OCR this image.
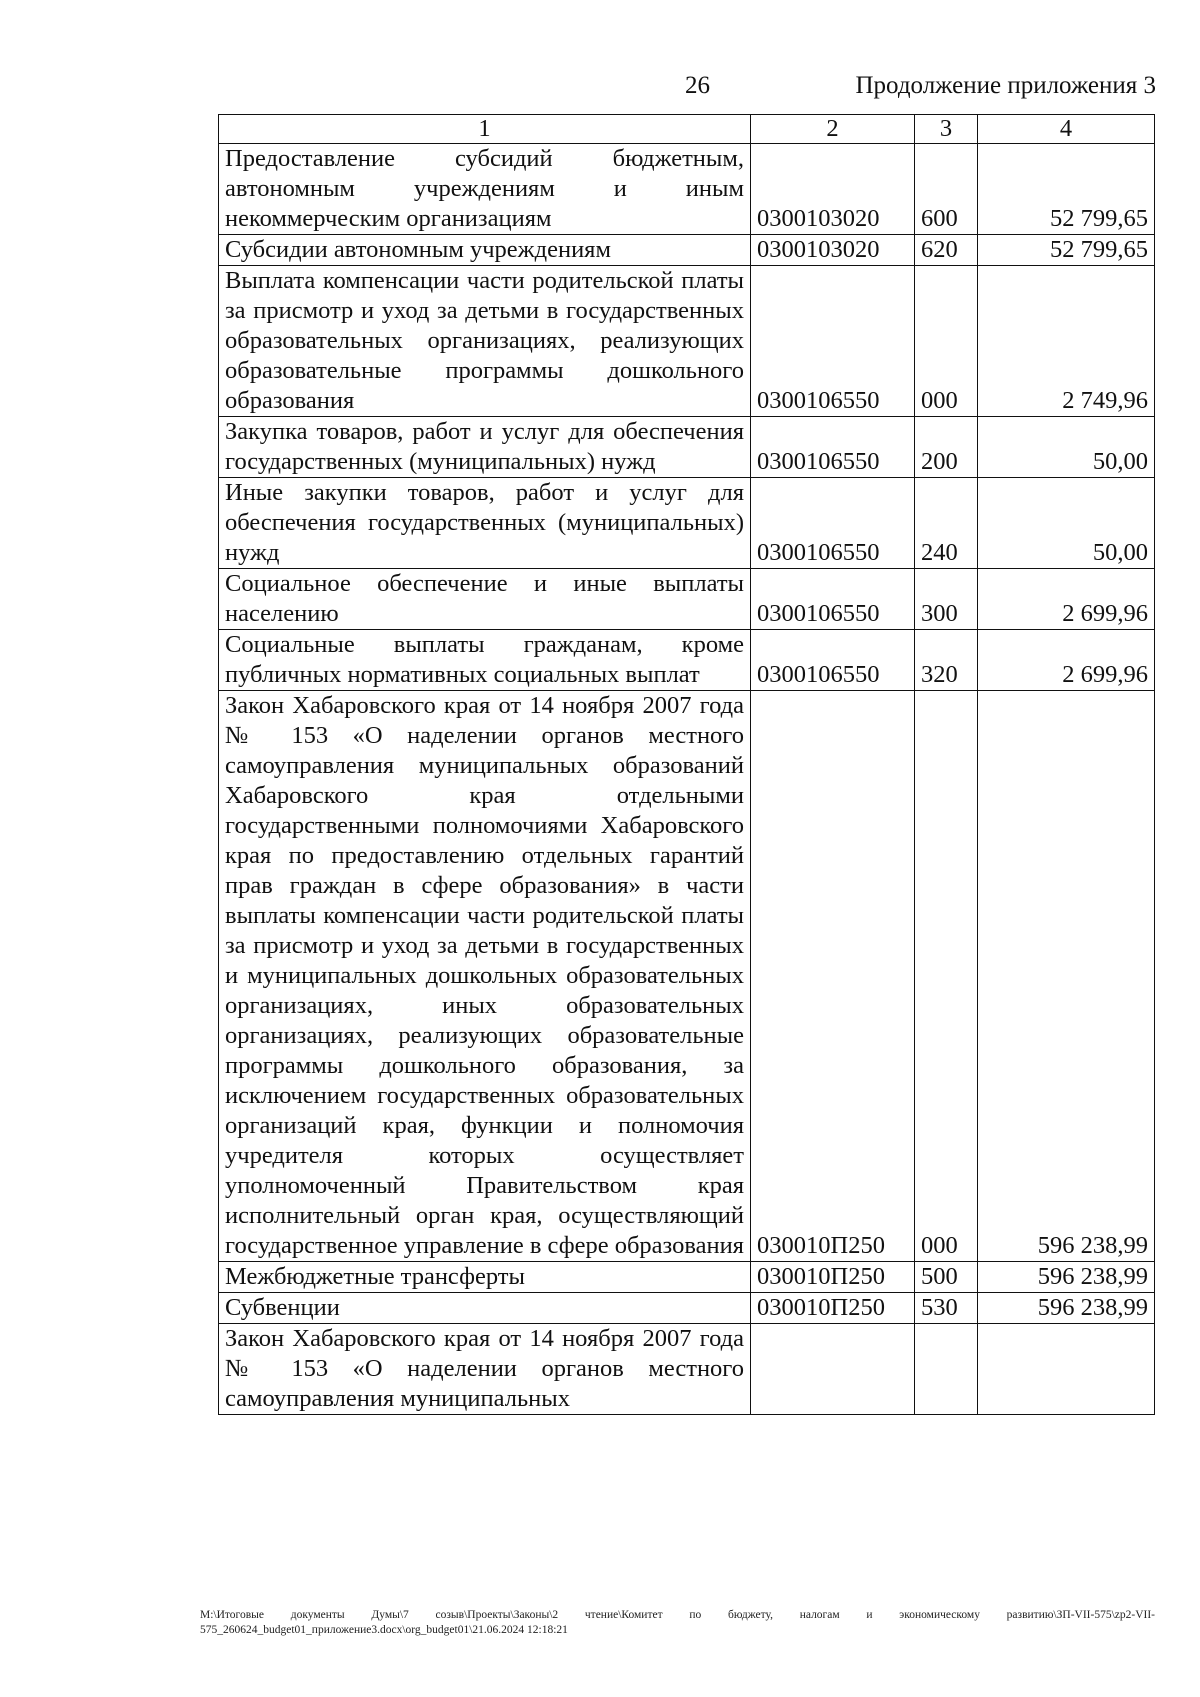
26	Продолжение приложения 3
1	2	3	4
Предоставление субсидий бюджетным, автономным учреждениям и иным некоммерческим организациям	0300103020	600	52 799,65
Субсидии автономным учреждениям	0300103020	620	52 799,65
Выплата компенсации части родительской платы за присмотр и уход за детьми в государственных образовательных организациях, реализующих образовательные программы дошкольного образования	0300106550	000	2 749,96
Закупка товаров, работ и услуг для обеспечения государственных (муниципальных) нужд	0300106550	200	50,00
Иные закупки товаров, работ и услуг для обеспечения государственных (муниципальных) нужд	0300106550	240	50,00
Социальное обеспечение и иные выплаты населению	0300106550	300	2 699,96
Социальные выплаты гражданам, кроме публичных нормативных социальных выплат	0300106550	320	2 699,96
Закон Хабаровского края от 14 ноября 2007 года № 153 «О наделении органов местного самоуправления муниципальных образований Хабаровского края отдельными государственными полномочиями Хабаровского края по предоставлению отдельных гарантий прав граждан в сфере образования» в части выплаты компенсации части родительской платы за присмотр и уход за детьми в государственных и муниципальных дошкольных образовательных организациях, иных образовательных организациях, реализующих образовательные программы дошкольного образования, за исключением государственных образовательных организаций края, функции и полномочия учредителя которых осуществляет уполномоченный Правительством края исполнительный орган края, осуществляющий государственное управление в сфере образования	030010П250	000	596 238,99
Межбюджетные трансферты	030010П250	500	596 238,99
Субвенции	030010П250	530	596 238,99
Закон Хабаровского края от 14 ноября 2007 года № 153 «О наделении органов местного самоуправления муниципальных			
M:\Итоговые документы Думы\7 созыв\Проекты\Законы\2 чтение\Комитет по бюджету, налогам и экономическому развитию\ЗП-VII-575\zp2-VII-575_260624_budget01_приложение3.docx\org_budget01\21.06.2024 12:18:21
